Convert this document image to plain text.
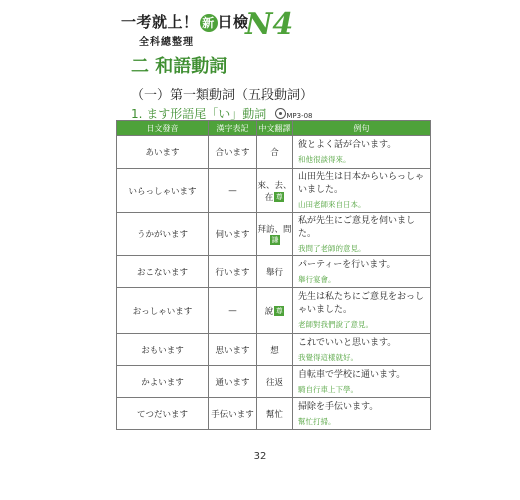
一考就上！ 新 日檢
全科總整理
N4
二 和語動詞
（一）第一類動詞（五段動詞）
1. ます形語尾「い」動詞	MP3-08
日文發音	漢字表記	中文翻譯	例句
あいます	合います	合	彼とよく話が合います。
和他很談得來。

いらっしゃいます	—	來、去、在 尊	山田先生は日本からいらっしゃいました。
山田老師來自日本。

うかがいます	伺います	拜訪、問謙	私が先生にご意見を伺いました。
我問了老師的意見。

おこないます	行います	舉行	パーティーを行います。
舉行宴會。

おっしゃいます	—	說 尊	先生は私たちにご意見をおっしゃいました。
老師對我們說了意見。

おもいます	思います	想	これでいいと思います。
我覺得這樣就好。

かよいます	通います	往返	自転車で学校に通います。
騎自行車上下學。

てつだいます	手伝います	幫忙	掃除を手伝います。
幫忙打掃。
32
